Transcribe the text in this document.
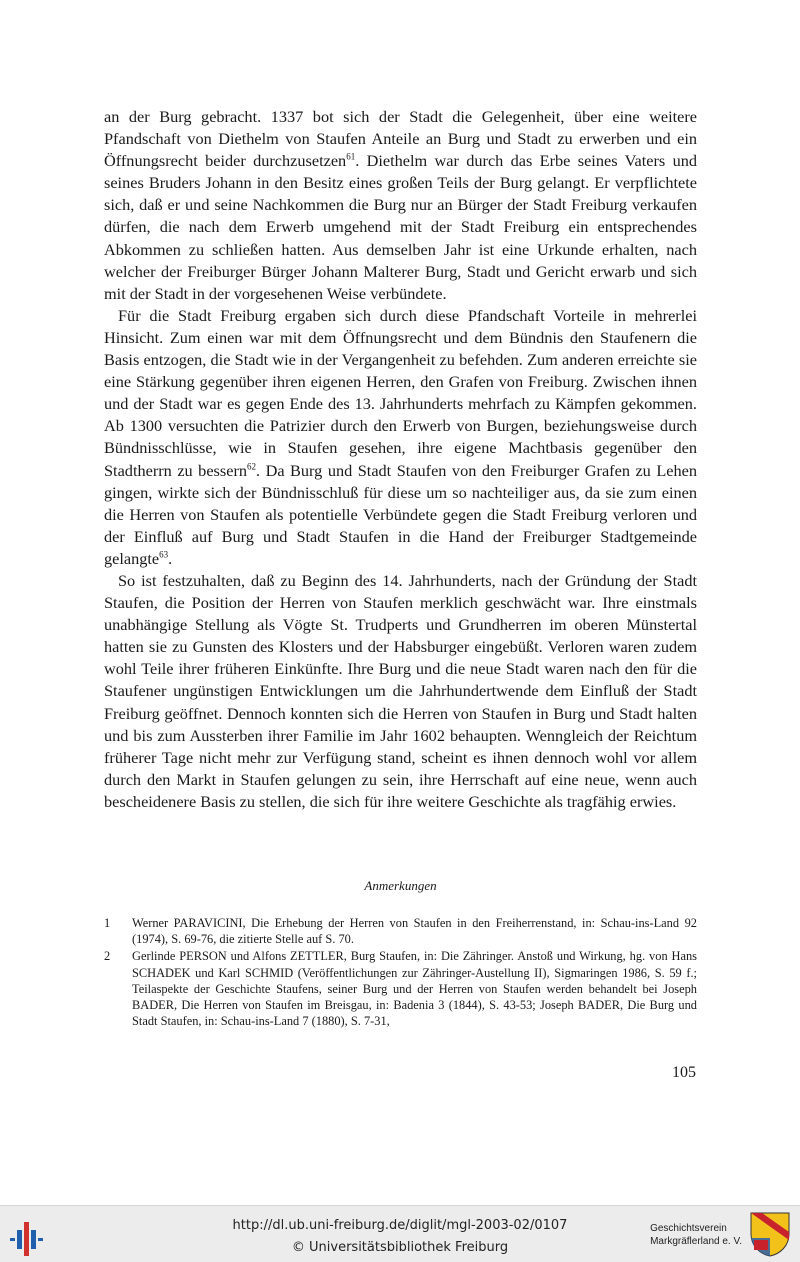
an der Burg gebracht. 1337 bot sich der Stadt die Gelegenheit, über eine weitere Pfandschaft von Diethelm von Staufen Anteile an Burg und Stadt zu erwerben und ein Öffnungsrecht beider durchzusetzen$^{61}$. Diethelm war durch das Erbe seines Vaters und seines Bruders Johann in den Besitz eines großen Teils der Burg gelangt. Er verpflichtete sich, daß er und seine Nachkommen die Burg nur an Bürger der Stadt Freiburg verkaufen dürfen, die nach dem Erwerb umgehend mit der Stadt Freiburg ein entsprechendes Abkommen zu schließen hatten. Aus demselben Jahr ist eine Urkunde erhalten, nach welcher der Freiburger Bürger Johann Malterer Burg, Stadt und Gericht erwarb und sich mit der Stadt in der vorgesehenen Weise verbündete.

Für die Stadt Freiburg ergaben sich durch diese Pfandschaft Vorteile in mehrerlei Hinsicht. Zum einen war mit dem Öffnungsrecht und dem Bündnis den Staufenern die Basis entzogen, die Stadt wie in der Vergangenheit zu befehden. Zum anderen erreichte sie eine Stärkung gegenüber ihren eigenen Herren, den Grafen von Freiburg. Zwischen ihnen und der Stadt war es gegen Ende des 13. Jahrhunderts mehrfach zu Kämpfen gekommen. Ab 1300 versuchten die Patrizier durch den Erwerb von Burgen, beziehungsweise durch Bündnisschlüsse, wie in Staufen gesehen, ihre eigene Machtbasis gegenüber den Stadtherrn zu bessern$^{62}$. Da Burg und Stadt Staufen von den Freiburger Grafen zu Lehen gingen, wirkte sich der Bündnisschluß für diese um so nachteiliger aus, da sie zum einen die Herren von Staufen als potentielle Verbündete gegen die Stadt Freiburg verloren und der Einfluß auf Burg und Stadt Staufen in die Hand der Freiburger Stadtgemeinde gelangte$^{63}$.

So ist festzuhalten, daß zu Beginn des 14. Jahrhunderts, nach der Gründung der Stadt Staufen, die Position der Herren von Staufen merklich geschwächt war. Ihre einstmals unabhängige Stellung als Vögte St. Trudperts und Grundherren im oberen Münstertal hatten sie zu Gunsten des Klosters und der Habsburger eingebüßt. Verloren waren zudem wohl Teile ihrer früheren Einkünfte. Ihre Burg und die neue Stadt waren nach den für die Staufener ungünstigen Entwicklungen um die Jahrhundertwende dem Einfluß der Stadt Freiburg geöffnet. Dennoch konnten sich die Herren von Staufen in Burg und Stadt halten und bis zum Aussterben ihrer Familie im Jahr 1602 behaupten. Wenngleich der Reichtum früherer Tage nicht mehr zur Verfügung stand, scheint es ihnen dennoch wohl vor allem durch den Markt in Staufen gelungen zu sein, ihre Herrschaft auf eine neue, wenn auch bescheidenere Basis zu stellen, die sich für ihre weitere Geschichte als tragfähig erwies.

Anmerkungen
1 Werner PARAVICINI, Die Erhebung der Herren von Staufen in den Freiherrenstand, in: Schau-ins-Land 92 (1974), S. 69-76, die zitierte Stelle auf S. 70.
2 Gerlinde PERSON und Alfons ZETTLER, Burg Staufen, in: Die Zähringer. Anstoß und Wirkung, hg. von Hans SCHADEK und Karl SCHMID (Veröffentlichungen zur Zähringer-Austellung II), Sigmaringen 1986, S. 59 f.; Teilaspekte der Geschichte Staufens, seiner Burg und der Herren von Staufen werden behandelt bei Joseph BADER, Die Herren von Staufen im Breisgau, in: Badenia 3 (1844), S. 43-53; Joseph BADER, Die Burg und Stadt Staufen, in: Schau-ins-Land 7 (1880), S. 7-31,
105
http://dl.ub.uni-freiburg.de/diglit/mgl-2003-02/0107
© Universitätsbibliothek Freiburg
Geschichtsverein
Markgräflerland e. V.
